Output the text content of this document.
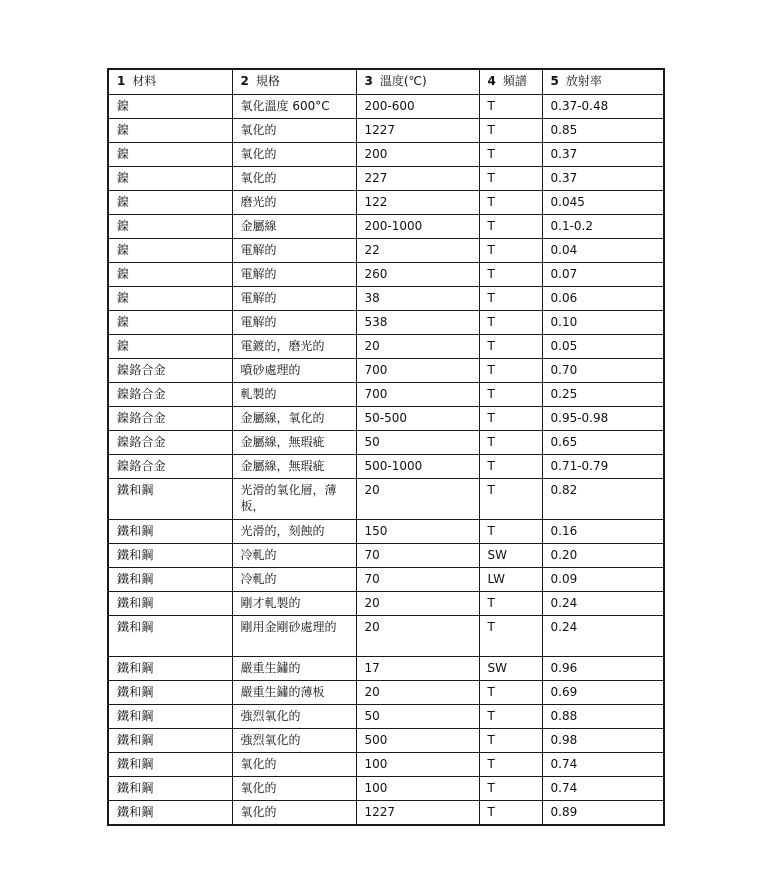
1 材料	2 規格	3 溫度(℃)	4 頻譜	5 放射率
鎳	氧化溫度 600°C	200-600	T	0.37-0.48
鎳	氧化的	1227	T	0.85
鎳	氧化的	200	T	0.37
鎳	氧化的	227	T	0.37
鎳	磨光的	122	T	0.045
鎳	金屬線	200-1000	T	0.1-0.2
鎳	電解的	22	T	0.04
鎳	電解的	260	T	0.07
鎳	電解的	38	T	0.06
鎳	電解的	538	T	0.10
鎳	電鍍的，磨光的	20	T	0.05
鎳鉻合金	噴砂處理的	700	T	0.70
鎳鉻合金	軋製的	700	T	0.25
鎳鉻合金	金屬線，氧化的	50-500	T	0.95-0.98
鎳鉻合金	金屬線，無瑕疵	50	T	0.65
鎳鉻合金	金屬線，無瑕疵	500-1000	T	0.71-0.79
鐵和鋼	光滑的氧化層，薄板，	20	T	0.82
鐵和鋼	光滑的，刻蝕的	150	T	0.16
鐵和鋼	冷軋的	70	SW	0.20
鐵和鋼	冷軋的	70	LW	0.09
鐵和鋼	剛才軋製的	20	T	0.24
鐵和鋼	剛用金剛砂處理的	20	T	0.24
鐵和鋼	嚴重生鏽的	17	SW	0.96
鐵和鋼	嚴重生鏽的薄板	20	T	0.69
鐵和鋼	強烈氧化的	50	T	0.88
鐵和鋼	強烈氧化的	500	T	0.98
鐵和鋼	氧化的	100	T	0.74
鐵和鋼	氧化的	100	T	0.74
鐵和鋼	氧化的	1227	T	0.89
